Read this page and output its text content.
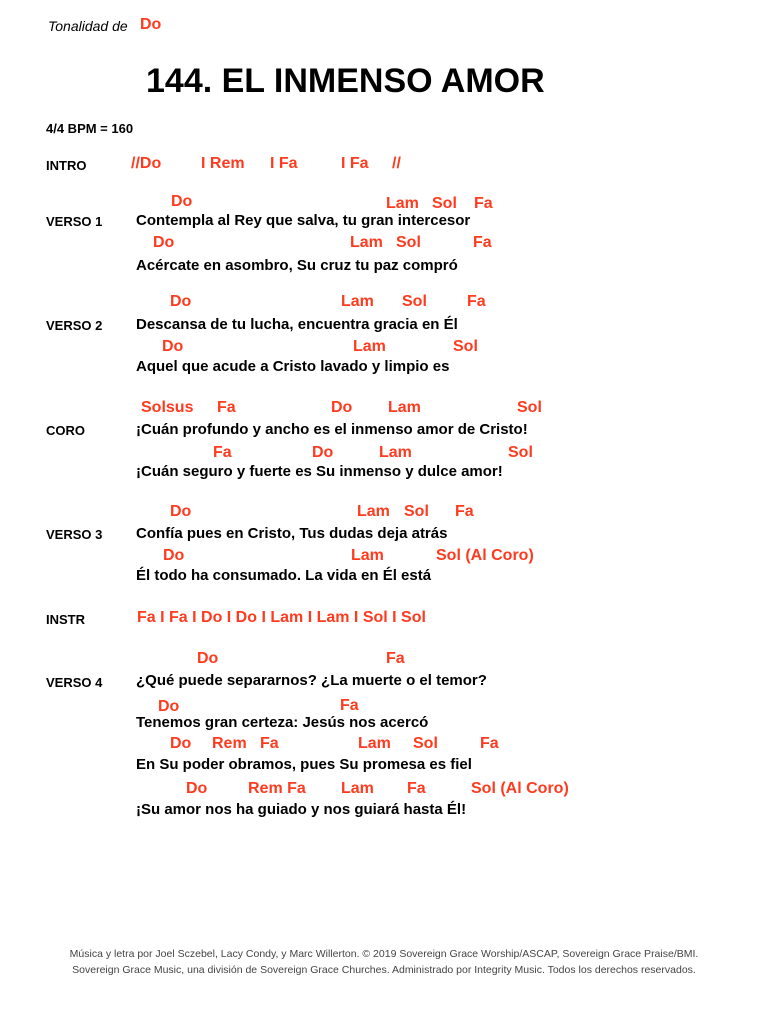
Tonalidad de Do
144. EL INMENSO AMOR
4/4 BPM = 160
INTRO	//Do I Rem I Fa	I Fa //
Do	Lam Sol Fa
VERSO 1 Contempla al Rey que salva, tu gran intercesor
Do	Lam Sol	Fa
Acércate en asombro, Su cruz tu paz compró
Do	Lam Sol	Fa
VERSO 2 Descansa de tu lucha, encuentra gracia en Él
Do	Lam	Sol
Aquel que acude a Cristo lavado y limpio es
Solsus Fa	Do Lam	Sol
CORO	¡Cuán profundo y ancho es el inmenso amor de Cristo!
Fa	Do	Lam	Sol
¡Cuán seguro y fuerte es Su inmenso y dulce amor!
Do	Lam Sol Fa
VERSO 3 Confía pues en Cristo, Tus dudas deja atrás
Do	Lam	Sol (Al Coro)
Él todo ha consumado. La vida en Él está
INSTR	Fa I Fa I Do I Do I Lam I Lam I Sol I Sol
Do	Fa
VERSO 4 ¿Qué puede separarnos? ¿La muerte o el temor?
Do	Fa
Tenemos gran certeza: Jesús nos acercó
Do Rem Fa	Lam Sol	Fa
En Su poder obramos, pues Su promesa es fiel
Do	Rem Fa Lam Fa	Sol (Al Coro)
¡Su amor nos ha guiado y nos guiará hasta Él!
Música y letra por Joel Sczebel, Lacy Condy, y Marc Willerton. © 2019 Sovereign Grace Worship/ASCAP, Sovereign Grace Praise/BMI.
Sovereign Grace Music, una división de Sovereign Grace Churches. Administrado por Integrity Music. Todos los derechos reservados.
